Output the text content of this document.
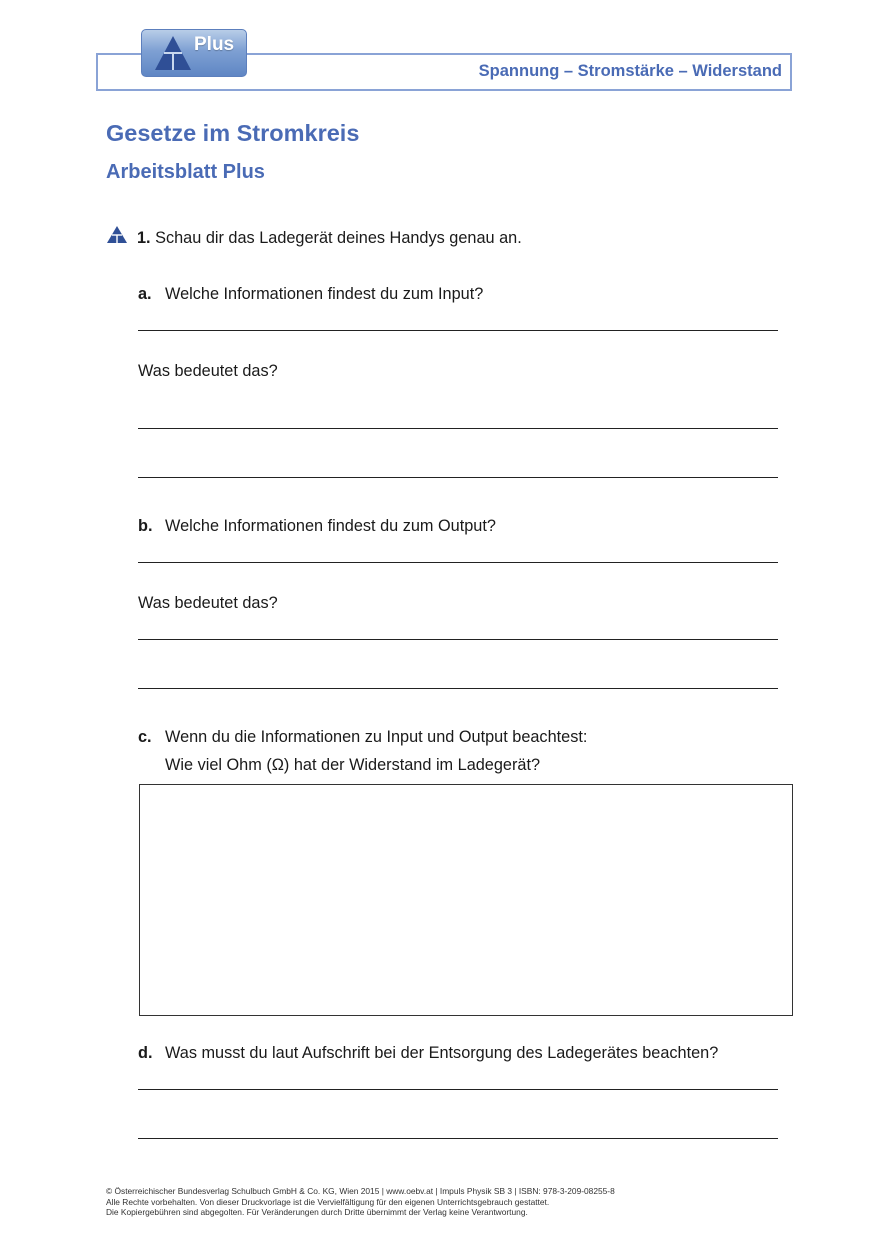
Spannung – Stromstärke – Widerstand
Plus
Gesetze im Stromkreis
Arbeitsblatt Plus
1. Schau dir das Ladegerät deines Handys genau an.
a. Welche Informationen findest du zum Input?
Was bedeutet das?
b. Welche Informationen findest du zum Output?
Was bedeutet das?
c. Wenn du die Informationen zu Input und Output beachtest:
Wie viel Ohm (Ω) hat der Widerstand im Ladegerät?
d. Was musst du laut Aufschrift bei der Entsorgung des Ladegerätes beachten?
© Österreichischer Bundesverlag Schulbuch GmbH & Co. KG, Wien 2015 | www.oebv.at | Impuls Physik SB 3 | ISBN: 978-3-209-08255-8
Alle Rechte vorbehalten. Von dieser Druckvorlage ist die Vervielfältigung für den eigenen Unterrichtsgebrauch gestattet.
Die Kopiergebühren sind abgegolten. Für Veränderungen durch Dritte übernimmt der Verlag keine Verantwortung.
